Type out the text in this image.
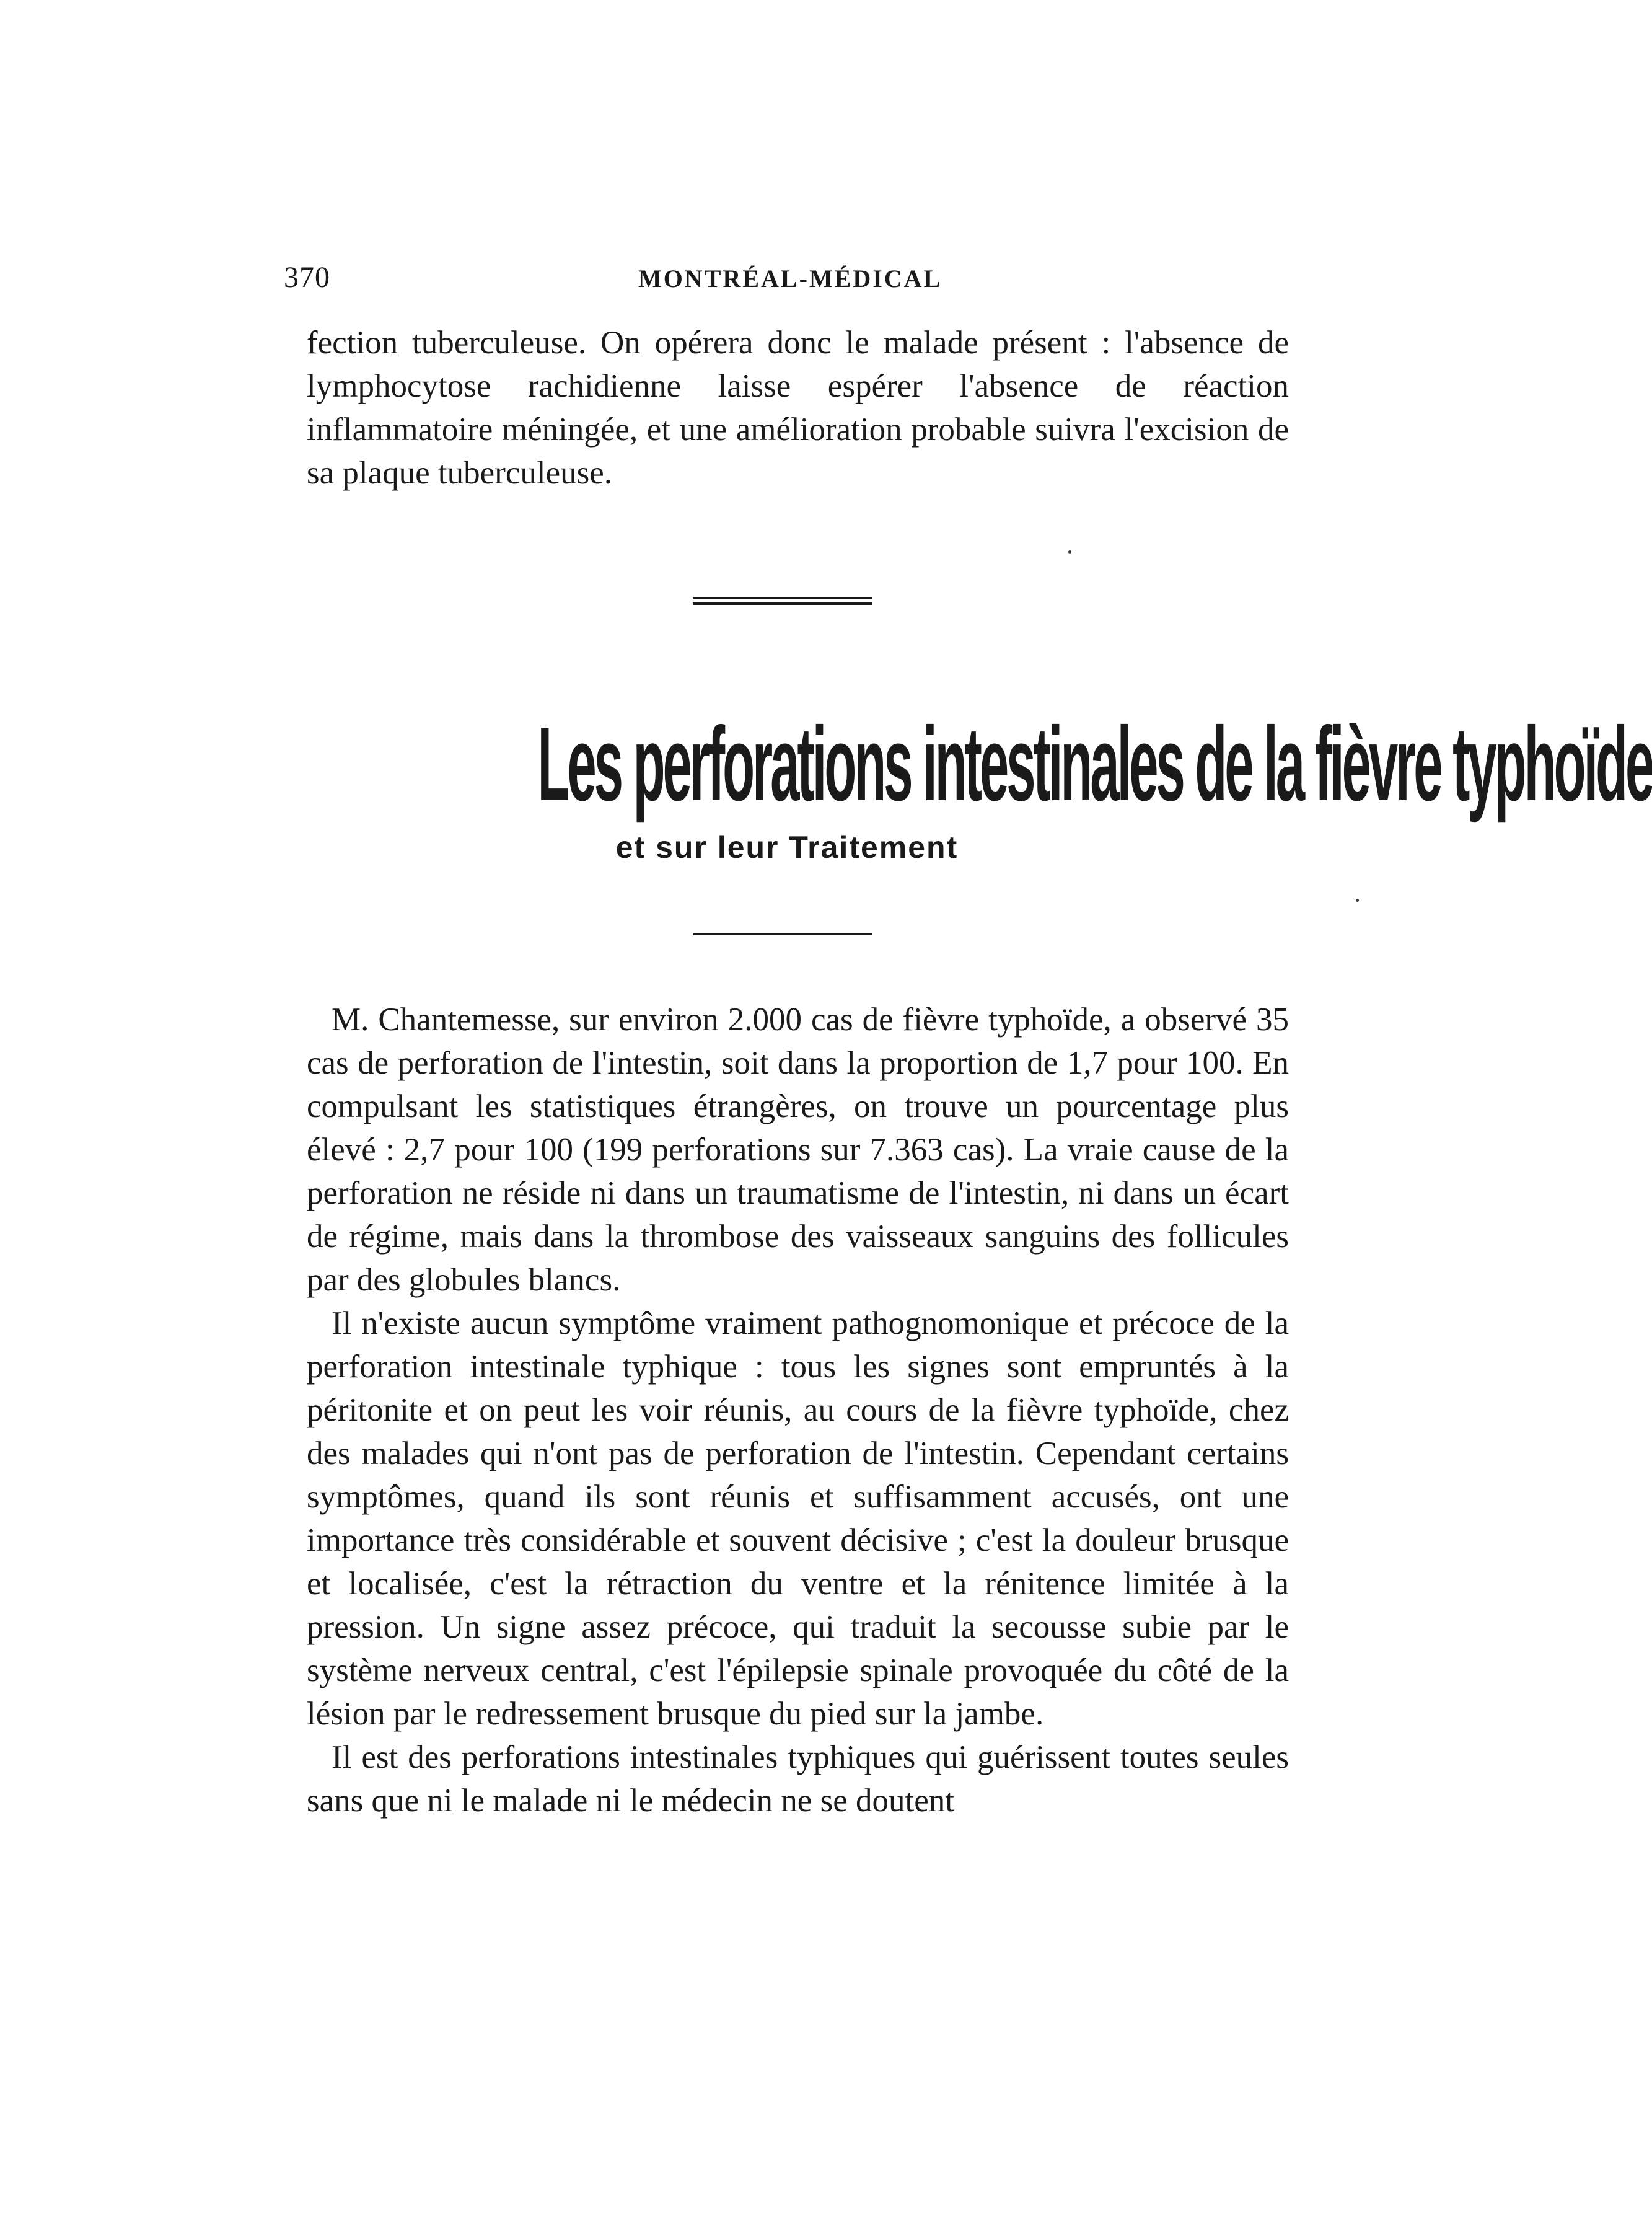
370	MONTRÉAL-MÉDICAL

fection tuberculeuse. On opérera donc le malade présent : l'absence de lymphocytose rachidienne laisse espérer l'absence de réaction inflammatoire méningée, et une amélioration probable suivra l'excision de sa plaque tuberculeuse.

Les perforations intestinales de la fièvre typhoïde
et sur leur Traitement

M. Chantemesse, sur environ 2.000 cas de fièvre typhoïde, a observé 35 cas de perforation de l'intestin, soit dans la proportion de 1,7 pour 100. En compulsant les statistiques étrangères, on trouve un pourcentage plus élevé : 2,7 pour 100 (199 perforations sur 7.363 cas). La vraie cause de la perforation ne réside ni dans un traumatisme de l'intestin, ni dans un écart de régime, mais dans la thrombose des vaisseaux sanguins des follicules par des globules blancs.

Il n'existe aucun symptôme vraiment pathognomonique et précoce de la perforation intestinale typhique : tous les signes sont empruntés à la péritonite et on peut les voir réunis, au cours de la fièvre typhoïde, chez des malades qui n'ont pas de perforation de l'intestin. Cependant certains symptômes, quand ils sont réunis et suffisamment accusés, ont une importance très considérable et souvent décisive ; c'est la douleur brusque et localisée, c'est la rétraction du ventre et la rénitence limitée à la pression. Un signe assez précoce, qui traduit la secousse subie par le système nerveux central, c'est l'épilepsie spinale provoquée du côté de la lésion par le redressement brusque du pied sur la jambe.

Il est des perforations intestinales typhiques qui guérissent toutes seules sans que ni le malade ni le médecin ne se doutent
